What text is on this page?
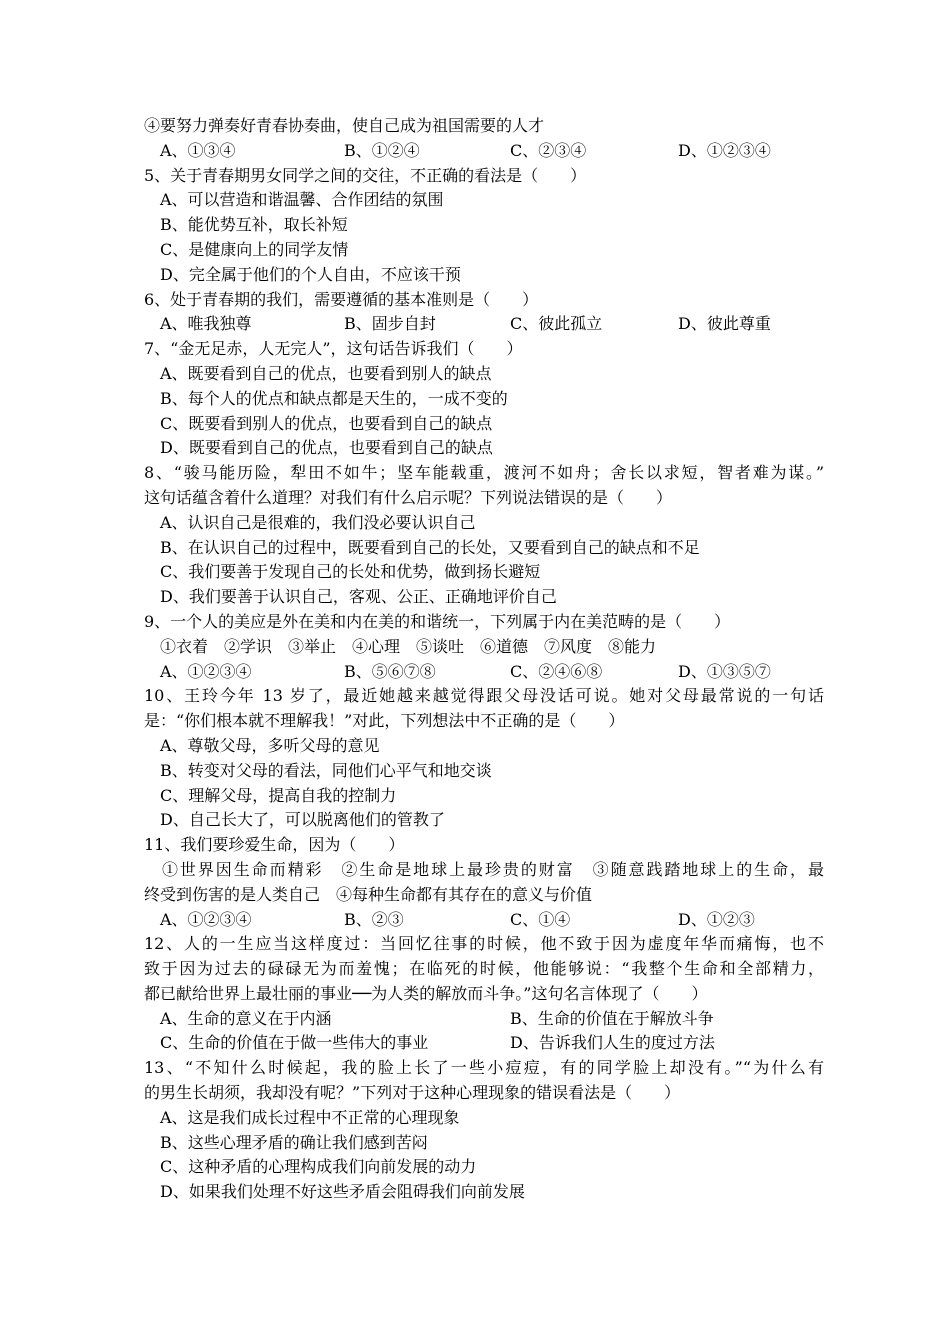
④要努力弹奏好青春协奏曲，使自己成为祖国需要的人才
A、①③④	B、①②④	C、②③④	D、①②③④
5、关于青春期男女同学之间的交往，不正确的看法是（　　）
A、可以营造和谐温馨、合作团结的氛围
B、能优势互补，取长补短
C、是健康向上的同学友情
D、完全属于他们的个人自由，不应该干预
6、处于青春期的我们，需要遵循的基本准则是（　　）
A、唯我独尊	B、固步自封	C、彼此孤立	D、彼此尊重
7、“金无足赤，人无完人”，这句话告诉我们（　　）
A、既要看到自己的优点，也要看到别人的缺点
B、每个人的优点和缺点都是天生的，一成不变的
C、既要看到别人的优点，也要看到自己的缺点
D、既要看到自己的优点，也要看到自己的缺点
8、“骏马能历险，犁田不如牛；坚车能载重，渡河不如舟；舍长以求短，智者难为谋。”
这句话蕴含着什么道理？对我们有什么启示呢？下列说法错误的是（　　）
A、认识自己是很难的，我们没必要认识自己
B、在认识自己的过程中，既要看到自己的长处，又要看到自己的缺点和不足
C、我们要善于发现自己的长处和优势，做到扬长避短
D、我们要善于认识自己，客观、公正、正确地评价自己
9、一个人的美应是外在美和内在美的和谐统一，下列属于内在美范畴的是（　　）
①衣着　②学识　③举止　④心理　⑤谈吐　⑥道德　⑦风度　⑧能力
A、①②③④	B、⑤⑥⑦⑧	C、②④⑥⑧	D、①③⑤⑦
10、王玲今年 13 岁了，最近她越来越觉得跟父母没话可说。她对父母最常说的一句话
是：“你们根本就不理解我！”对此，下列想法中不正确的是（　　）
A、尊敬父母，多听父母的意见
B、转变对父母的看法，同他们心平气和地交谈
C、理解父母，提高自我的控制力
D、自己长大了，可以脱离他们的管教了
11、我们要珍爱生命，因为（　　）
　①世界因生命而精彩　②生命是地球上最珍贵的财富　③随意践踏地球上的生命，最
终受到伤害的是人类自己　④每种生命都有其存在的意义与价值
A、①②③④	B、②③	C、①④	D、①②③
12、人的一生应当这样度过：当回忆往事的时候，他不致于因为虚度年华而痛悔，也不
致于因为过去的碌碌无为而羞愧；在临死的时候，他能够说：“我整个生命和全部精力，
都已献给世界上最壮丽的事业──为人类的解放而斗争。”这句名言体现了（　　）
A、生命的意义在于内涵	B、生命的价值在于解放斗争
C、生命的价值在于做一些伟大的事业	D、告诉我们人生的度过方法
13、“不知什么时候起，我的脸上长了一些小痘痘，有的同学脸上却没有。”“为什么有
的男生长胡须，我却没有呢？”下列对于这种心理现象的错误看法是（　　）
A、这是我们成长过程中不正常的心理现象
B、这些心理矛盾的确让我们感到苦闷
C、这种矛盾的心理构成我们向前发展的动力
D、如果我们处理不好这些矛盾会阻碍我们向前发展
